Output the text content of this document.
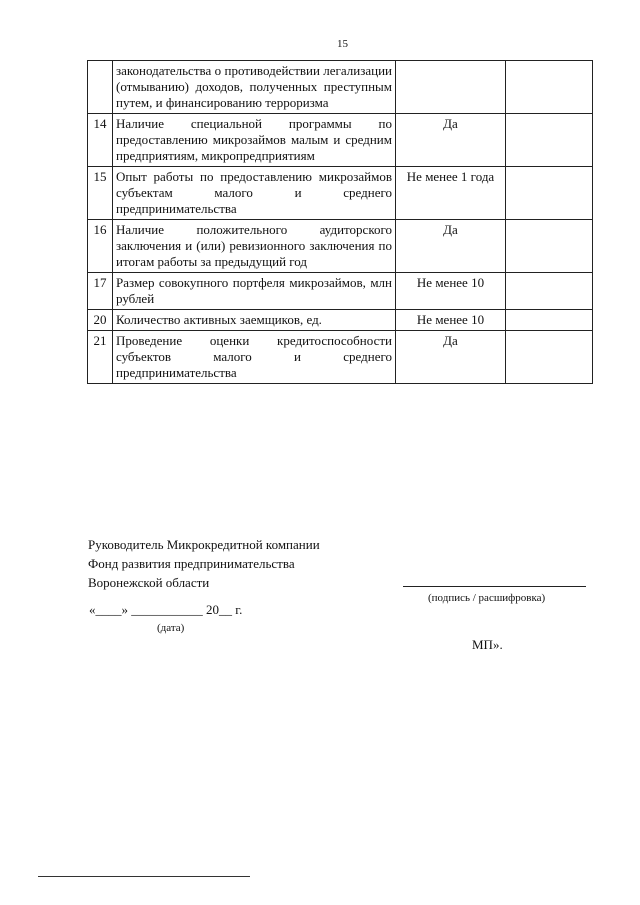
15
	законодательства о противодействии легализации (отмыванию) доходов, полученных преступным путем, и финансированию терроризма		
14	Наличие специальной программы по предоставлению микрозаймов малым и средним предприятиям, микропредприятиям	Да	
15	Опыт работы по предоставлению микрозаймов субъектам малого и среднего предпринимательства	Не менее 1 года	
16	Наличие положительного аудиторского заключения и (или) ревизионного заключения по итогам работы за предыдущий год	Да	
17	Размер совокупного портфеля микрозаймов, млн рублей	Не менее 10	
20	Количество активных заемщиков, ед.	Не менее 10	
21	Проведение оценки кредитоспособности субъектов малого и среднего предпринимательства	Да	
Руководитель Микрокредитной компании
Фонд развития предпринимательства
Воронежской области
(подпись / расшифровка)
«____» ___________ 20__ г.
(дата)
МП».
